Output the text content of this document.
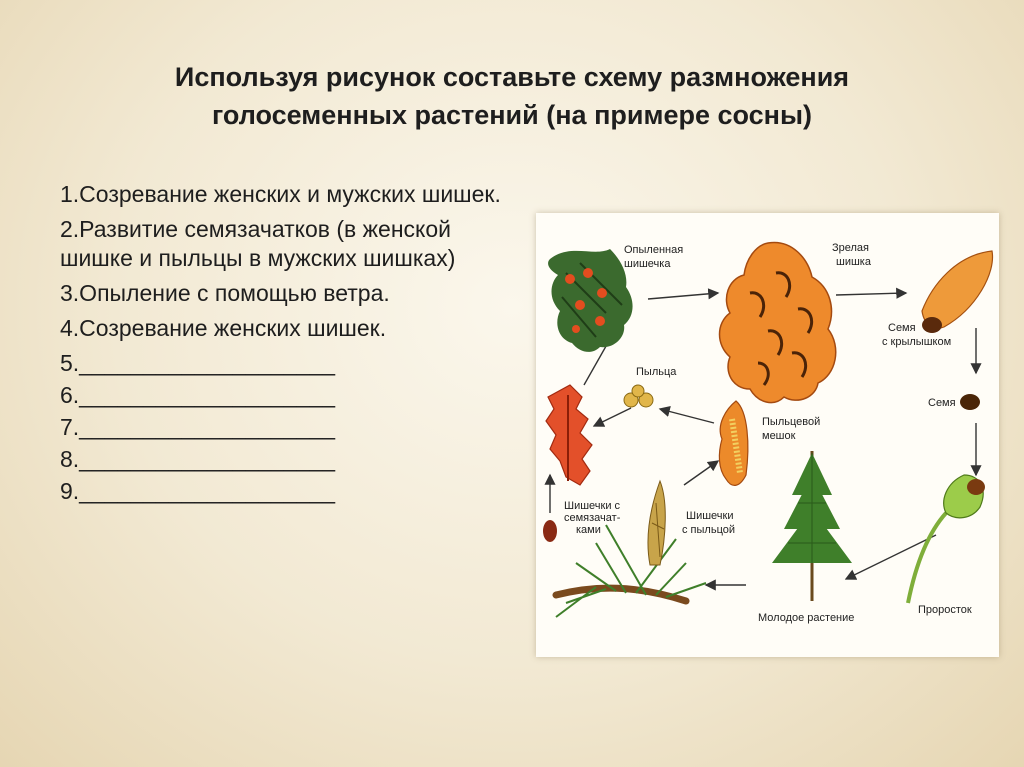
Используя рисунок составьте схему размножения
голосеменных растений (на примере сосны)
1.Созревание женских и мужских шишек.
2.Развитие семязачатков (в женской шишке и пыльцы в мужских шишках)
3.Опыление с помощью ветра.
4.Созревание женских шишек.
5.____________________
6.____________________
7.____________________
8.____________________
9.____________________
Опыленная
шишечка
Зрелая
шишка
Семя
с крылышком
Семя
Пыльца
Пыльцевой
мешок
Шишечки с
семязачат-
ками
Шишечки
с пыльцой
Молодое растение
Проросток
